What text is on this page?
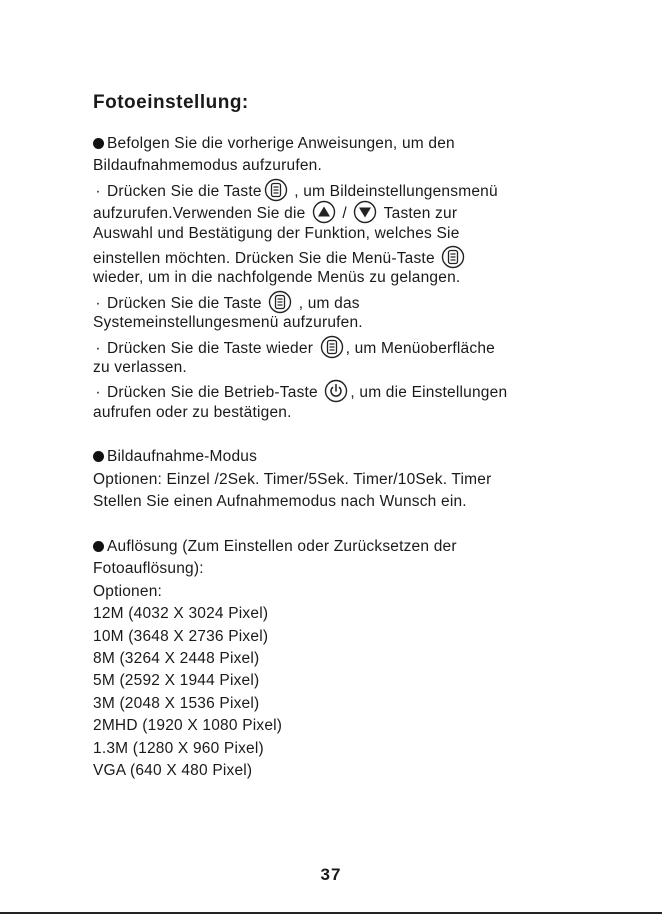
Fotoeinstellung:
Befolgen Sie die vorherige Anweisungen, um den
Bildaufnahmemodus aufzurufen.
· Drücken Sie die Taste
, um Bildeinstellungensmenü
aufzurufen.Verwenden Sie die
/
Tasten zur
Auswahl und Bestätigung der Funktion, welches Sie
einstellen möchten. Drücken Sie die Menü-Taste
wieder, um in die nachfolgende Menüs zu gelangen.
· Drücken Sie die Taste
, um das
Systemeinstellungesmenü aufzurufen.
· Drücken Sie die Taste wieder
, um Menüoberfläche
zu verlassen.
· Drücken Sie die Betrieb-Taste
, um die Einstellungen
aufrufen oder zu bestätigen.
Bildaufnahme-Modus
Optionen: Einzel /2Sek. Timer/5Sek. Timer/10Sek. Timer
Stellen Sie einen Aufnahmemodus nach Wunsch ein.
Auflösung (Zum Einstellen oder Zurücksetzen der
Fotoauflösung):
Optionen:
12M (4032 X 3024 Pixel)
10M (3648 X 2736 Pixel)
8M (3264 X 2448 Pixel)
5M (2592 X 1944 Pixel)
3M (2048 X 1536 Pixel)
2MHD (1920 X 1080 Pixel)
1.3M (1280 X 960 Pixel)
VGA (640 X 480 Pixel)
37
